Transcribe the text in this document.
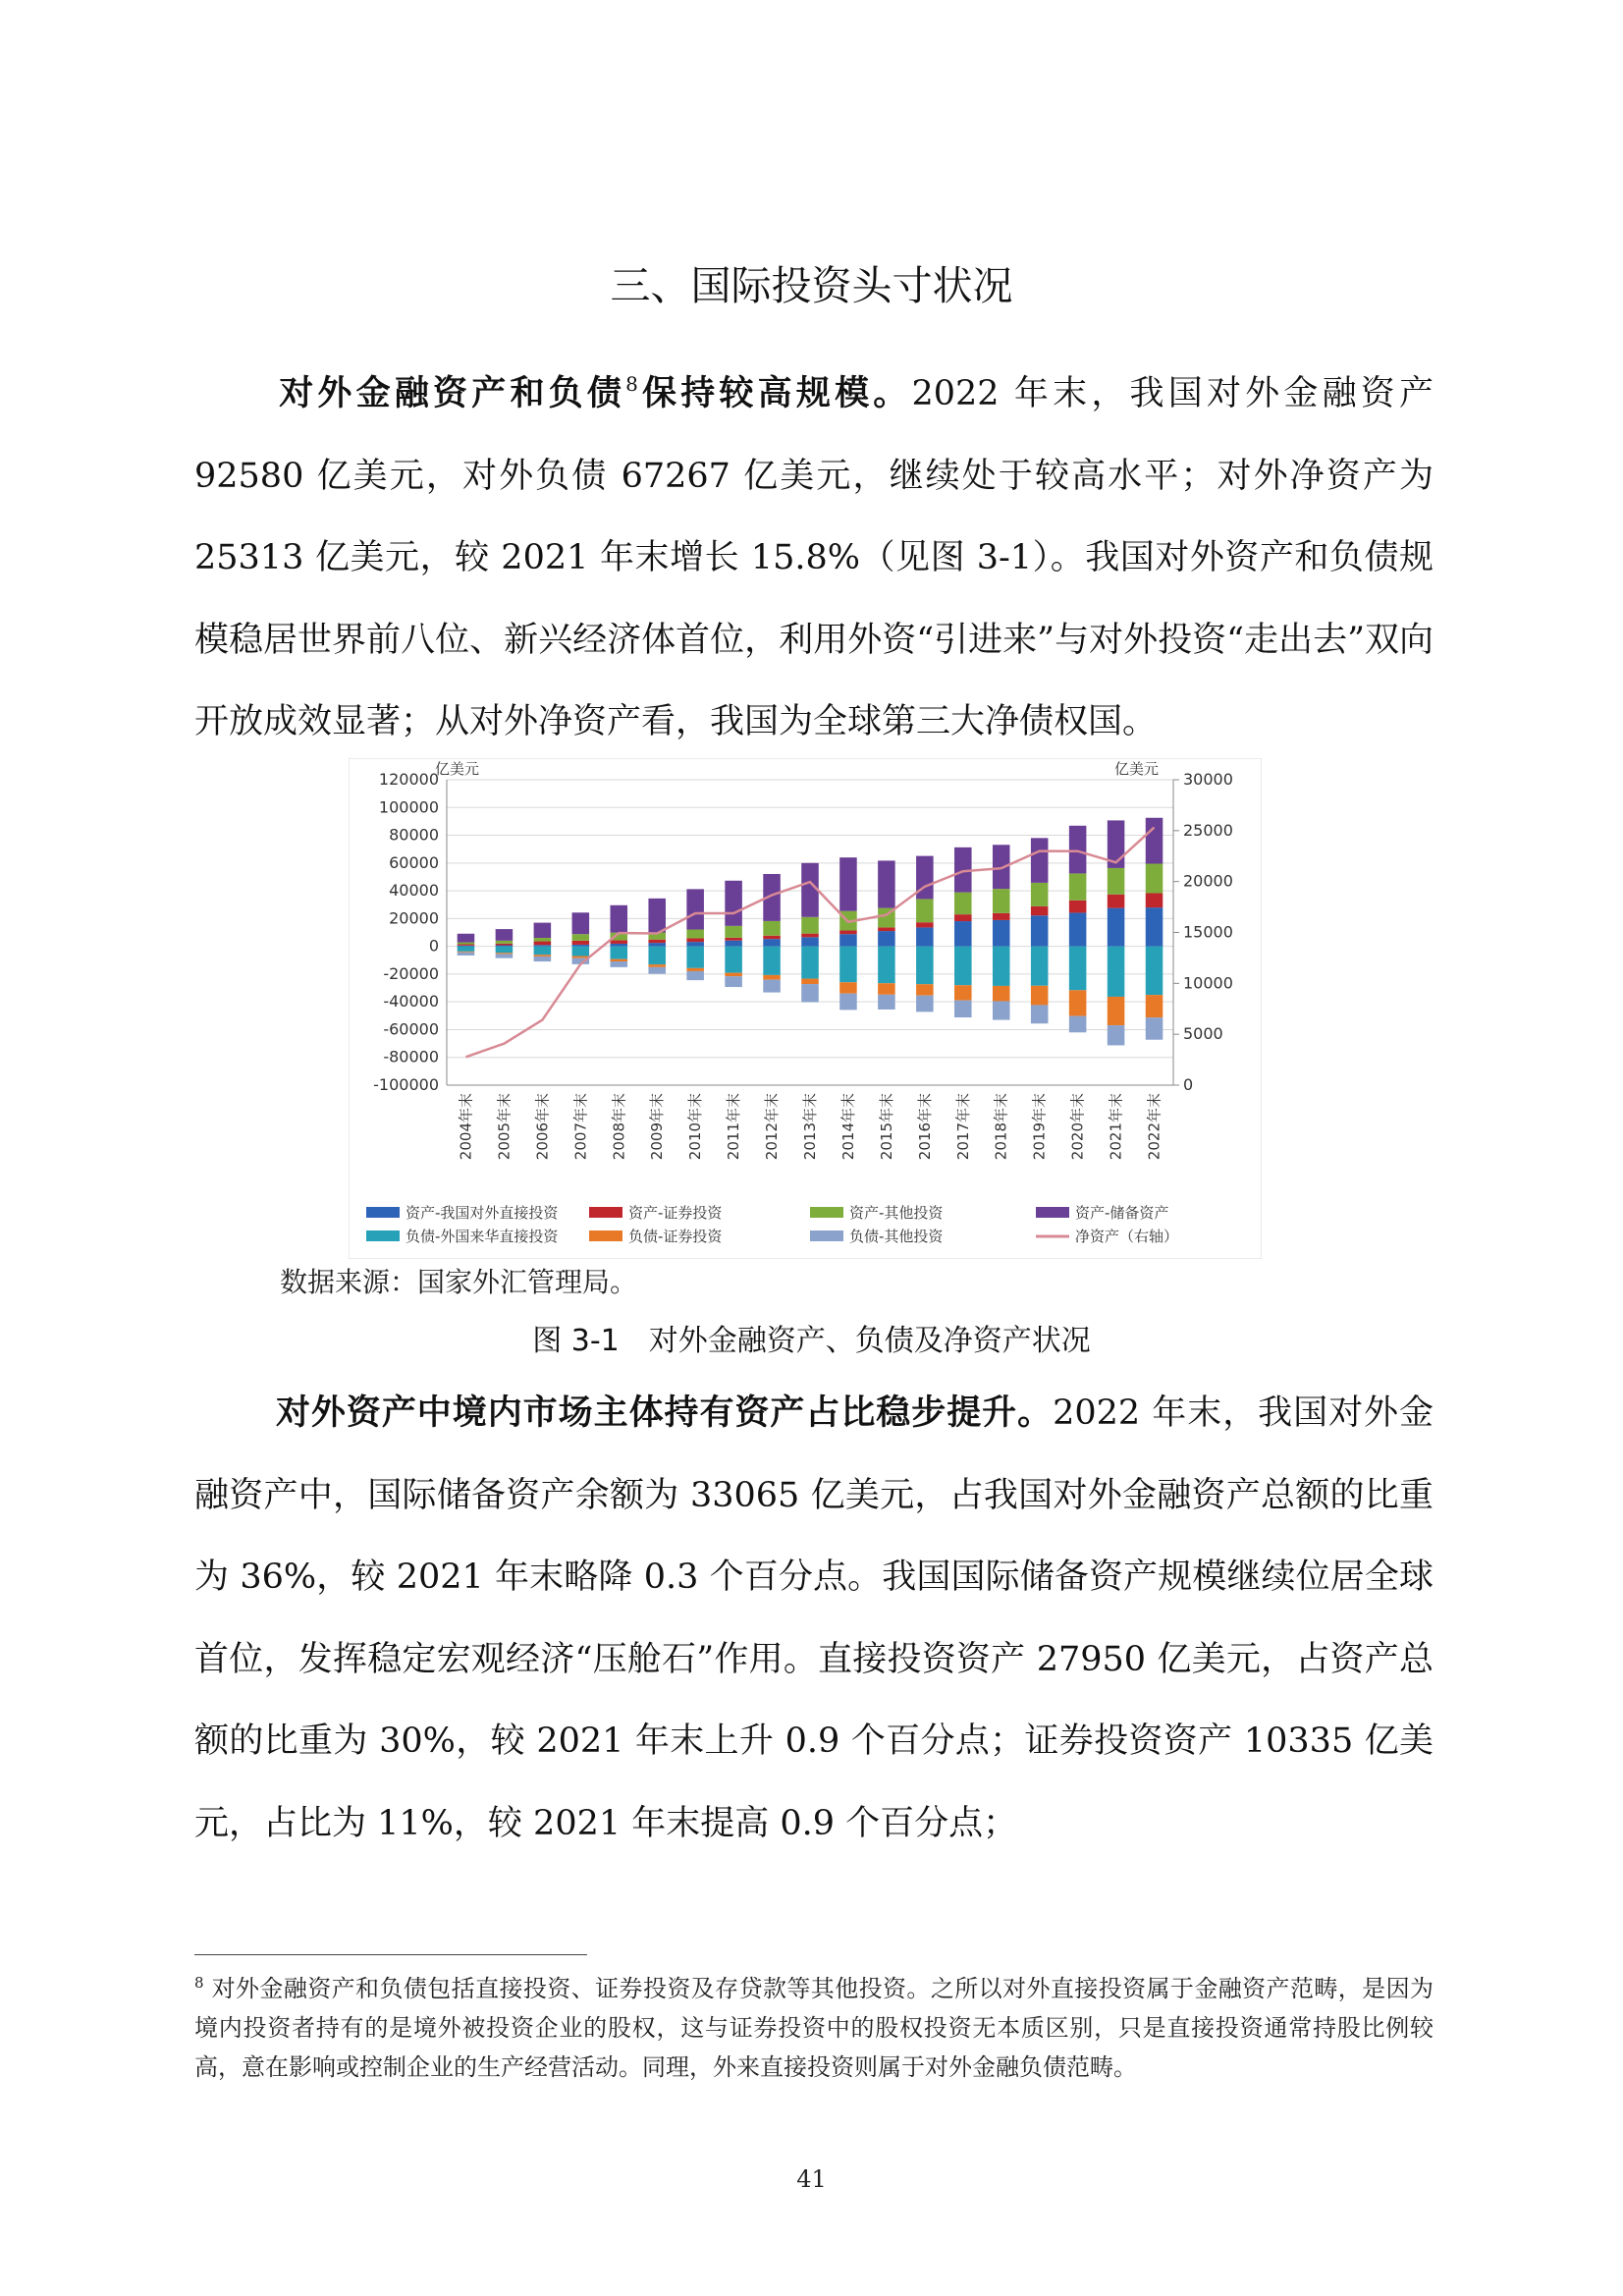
三、国际投资头寸状况
对外金融资产和负债$^8$保持较高规模。2022 年末，我国对外金融资产 92580 亿美元，对外负债 67267 亿美元，继续处于较高水平；对外净资产为 25313 亿美元，较 2021 年末增长 15.8%（见图 3-1）。我国对外资产和负债规模稳居世界前八位、新兴经济体首位，利用外资“引进来”与对外投资“走出去”双向开放成效显著；从对外净资产看，我国为全球第三大净债权国。
120000
100000
80000
60000
40000
20000
0
-20000
-40000
-60000
-80000
-100000
30000
25000
20000
15000
10000
5000
0
亿美元	亿美元
2004年末 2005年末 2006年末 2007年末 2008年末 2009年末 2010年末 2011年末 2012年末 2013年末 2014年末 2015年末 2016年末 2017年末 2018年末 2019年末 2020年末 2021年末 2022年末
资产-我国对外直接投资
负债-外国来华直接投资
资产-证券投资
负债-证券投资
资产-其他投资
负债-其他投资
资产-储备资产
净资产（右轴）
数据来源：国家外汇管理局。
图 3-1　对外金融资产、负债及净资产状况
对外资产中境内市场主体持有资产占比稳步提升。2022 年末，我国对外金融资产中，国际储备资产余额为 33065 亿美元，占我国对外金融资产总额的比重为 36%，较 2021 年末略降 0.3 个百分点。我国国际储备资产规模继续位居全球首位，发挥稳定宏观经济“压舱石”作用。直接投资资产 27950 亿美元，占资产总额的比重为 30%，较 2021 年末上升 0.9 个百分点；证券投资资产 10335 亿美元，占比为 11%，较 2021 年末提高 0.9 个百分点；
$^8$ 对外金融资产和负债包括直接投资、证券投资及存贷款等其他投资。之所以对外直接投资属于金融资产范畴，是因为境内投资者持有的是境外被投资企业的股权，这与证券投资中的股权投资无本质区别，只是直接投资通常持股比例较高，意在影响或控制企业的生产经营活动。同理，外来直接投资则属于对外金融负债范畴。
41
